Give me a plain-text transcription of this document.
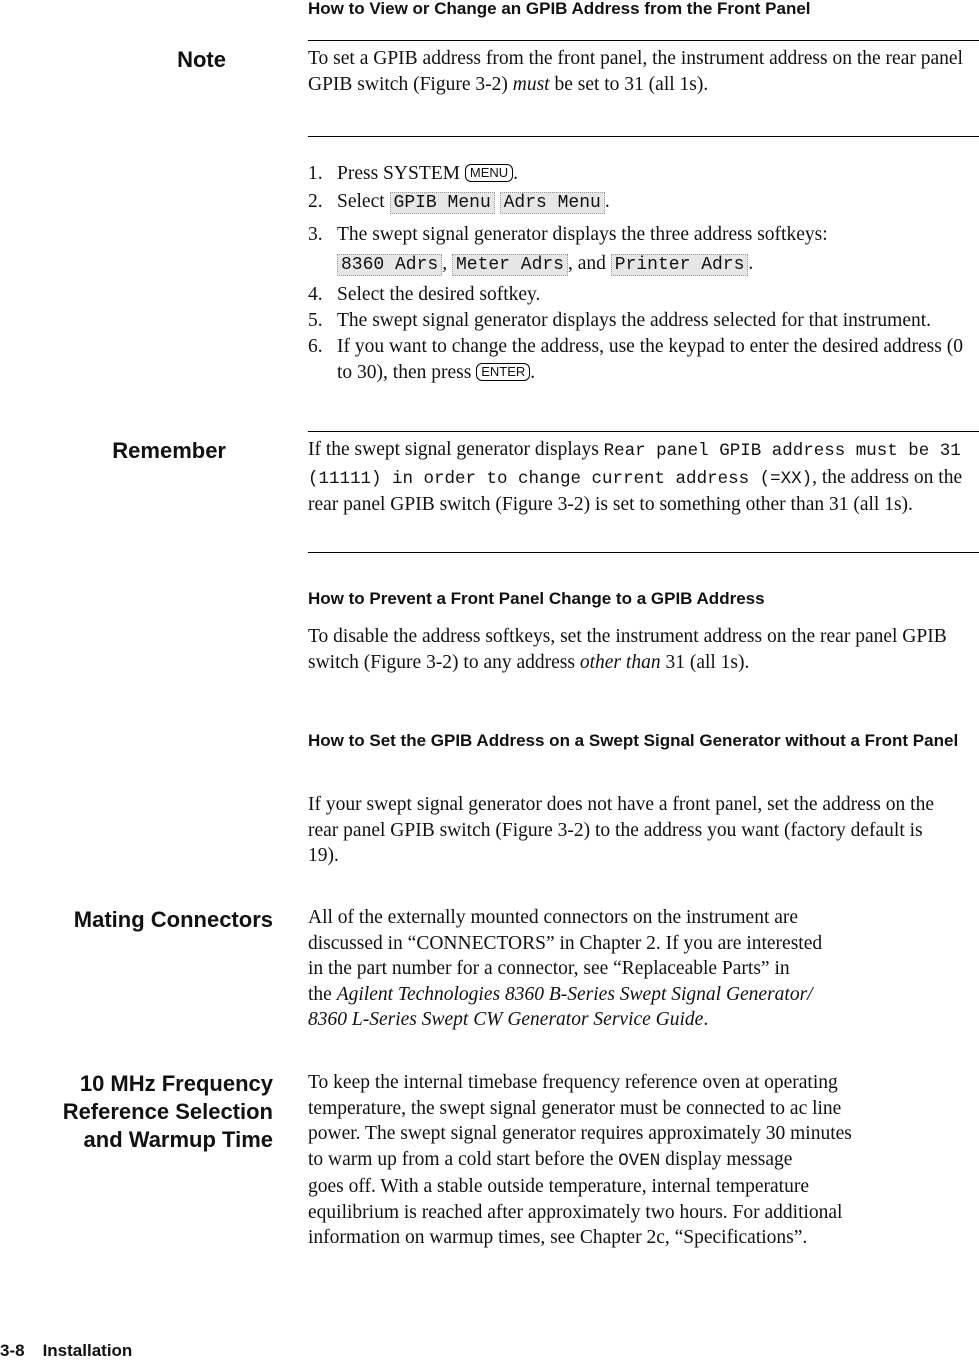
How to View or Change an GPIB Address from the Front Panel
Note	To set a GPIB address from the front panel, the instrument address on the rear panel GPIB switch (Figure 3-2) must be set to 31 (all 1s).
1. Press SYSTEM MENU .
2. Select GPIB Menu Adrs Menu .
3. The swept signal generator displays the three address softkeys:
8360 Adrs , Meter Adrs , and Printer Adrs .
4. Select the desired softkey.
5. The swept signal generator displays the address selected for that instrument.
6. If you want to change the address, use the keypad to enter the desired address (0 to 30), then press ENTER .
Remember	If the swept signal generator displays Rear panel GPIB address must be 31 (11111) in order to change current address (=XX), the address on the rear panel GPIB switch (Figure 3-2) is set to something other than 31 (all 1s).
How to Prevent a Front Panel Change to a GPIB Address
To disable the address softkeys, set the instrument address on the rear panel GPIB switch (Figure 3-2) to any address other than 31 (all 1s).
How to Set the GPIB Address on a Swept Signal Generator without a Front Panel
If your swept signal generator does not have a front panel, set the address on the rear panel GPIB switch (Figure 3-2) to the address you want (factory default is 19).
Mating Connectors All of the externally mounted connectors on the instrument are
discussed in “CONNECTORS” in Chapter 2. If you are interested
in the part number for a connector, see “Replaceable Parts” in
the Agilent Technologies 8360 B-Series Swept Signal Generator/
8360 L-Series Swept CW Generator Service Guide.
10 MHz Frequency
Reference Selection
and Warmup Time
To keep the internal timebase frequency reference oven at operating
temperature, the swept signal generator must be connected to ac line
power. The swept signal generator requires approximately 30 minutes
to warm up from a cold start before the OVEN display message
goes off. With a stable outside temperature, internal temperature
equilibrium is reached after approximately two hours. For additional
information on warmup times, see Chapter 2c, “Specifications”.
3-8 Installation
